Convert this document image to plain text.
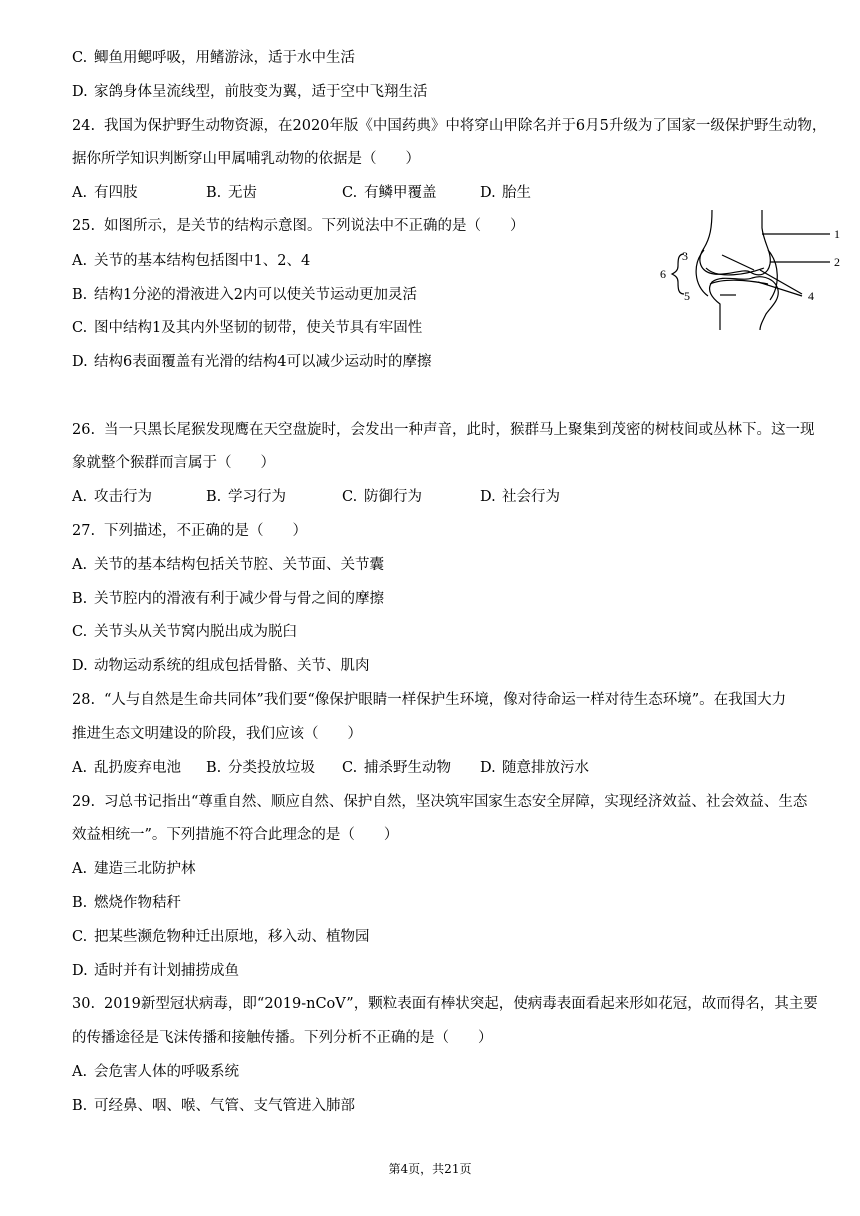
C. 鲫鱼用鳃呼吸，用鳍游泳，适于水中生活
D. 家鸽身体呈流线型，前肢变为翼，适于空中飞翔生活
24. 我国为保护野生动物资源，在2020年版《中国药典》中将穿山甲除名并于6月5升级为了国家一级保护野生动物，
据你所学知识判断穿山甲属哺乳动物的依据是（　　）
A. 有四肢	B. 无齿	C. 有鳞甲覆盖	D. 胎生
25. 如图所示，是关节的结构示意图。下列说法中不正确的是（　　）
A. 关节的基本结构包括图中1、2、4
B. 结构1分泌的滑液进入2内可以使关节运动更加灵活
C. 图中结构1及其内外坚韧的韧带，使关节具有牢固性
D. 结构6表面覆盖有光滑的结构4可以减少运动时的摩擦
1
2
3
4
5
6
26. 当一只黑长尾猴发现鹰在天空盘旋时，会发出一种声音，此时，猴群马上聚集到茂密的树枝间或丛林下。这一现
象就整个猴群而言属于（　　）
A. 攻击行为	B. 学习行为	C. 防御行为	D. 社会行为
27. 下列描述，不正确的是（　　）
A. 关节的基本结构包括关节腔、关节面、关节囊
B. 关节腔内的滑液有利于减少骨与骨之间的摩擦
C. 关节头从关节窝内脱出成为脱臼
D. 动物运动系统的组成包括骨骼、关节、肌肉
28. “人与自然是生命共同体”我们要“像保护眼睛一样保护生环境，像对待命运一样对待生态环境”。在我国大力
推进生态文明建设的阶段，我们应该（　　）
A. 乱扔废弃电池 B. 分类投放垃圾 C. 捕杀野生动物 D. 随意排放污水
29. 习总书记指出“尊重自然、顺应自然、保护自然，坚决筑牢国家生态安全屏障，实现经济效益、社会效益、生态
效益相统一”。下列措施不符合此理念的是（　　）
A. 建造三北防护林
B. 燃烧作物秸秆
C. 把某些濒危物种迁出原地，移入动、植物园
D. 适时并有计划捕捞成鱼
30. 2019新型冠状病毒，即“2019-nCoV”，颗粒表面有棒状突起，使病毒表面看起来形如花冠，故而得名，其主要
的传播途径是飞沫传播和接触传播。下列分析不正确的是（　　）
A. 会危害人体的呼吸系统
B. 可经鼻、咽、喉、气管、支气管进入肺部
第4页，共21页
